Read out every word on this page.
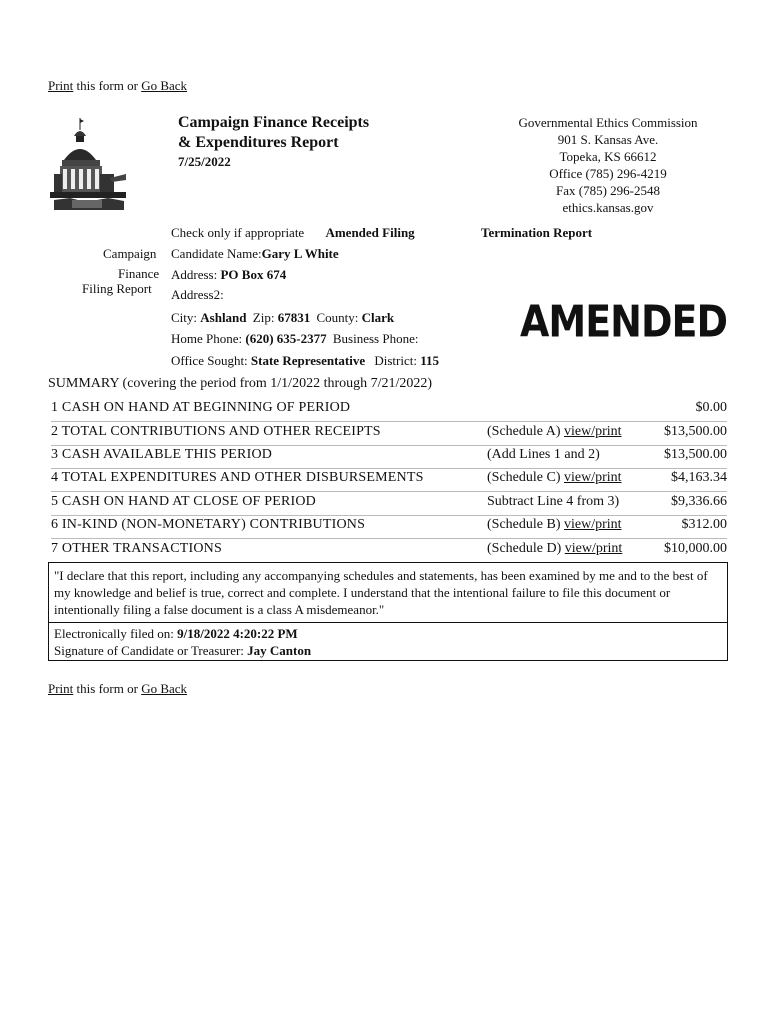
Print this form or Go Back
Campaign Finance Receipts
& Expenditures Report
7/25/2022
Governmental Ethics Commission
901 S. Kansas Ave.
Topeka, KS 66612
Office (785) 296-4219
Fax (785) 296-2548
ethics.kansas.gov
Check only if appropriate Amended Filing	Termination Report
Campaign
Finance
Filing Report
Candidate Name:Gary L White
Address: PO Box 674
Address2:
City: Ashland Zip: 67831 County: Clark
Home Phone: (620) 635-2377 Business Phone:
Office Sought: State Representative District: 115
AMENDED
SUMMARY (covering the period from 1/1/2022 through 7/21/2022)
1 CASH ON HAND AT BEGINNING OF PERIOD	$0.00
2 TOTAL CONTRIBUTIONS AND OTHER RECEIPTS	(Schedule A) view/print	$13,500.00
3 CASH AVAILABLE THIS PERIOD	(Add Lines 1 and 2)	$13,500.00
4 TOTAL EXPENDITURES AND OTHER DISBURSEMENTS	(Schedule C) view/print	$4,163.34
5 CASH ON HAND AT CLOSE OF PERIOD	Subtract Line 4 from 3)	$9,336.66
6 IN-KIND (NON-MONETARY) CONTRIBUTIONS	(Schedule B) view/print	$312.00
7 OTHER TRANSACTIONS	(Schedule D) view/print	$10,000.00
"I declare that this report, including any accompanying schedules and statements, has been examined by me and to the best of my knowledge and belief is true, correct and complete. I understand that the intentional failure to file this document or intentionally filing a false document is a class A misdemeanor."
Electronically filed on: 9/18/2022 4:20:22 PM
Signature of Candidate or Treasurer: Jay Canton
Print this form or Go Back
